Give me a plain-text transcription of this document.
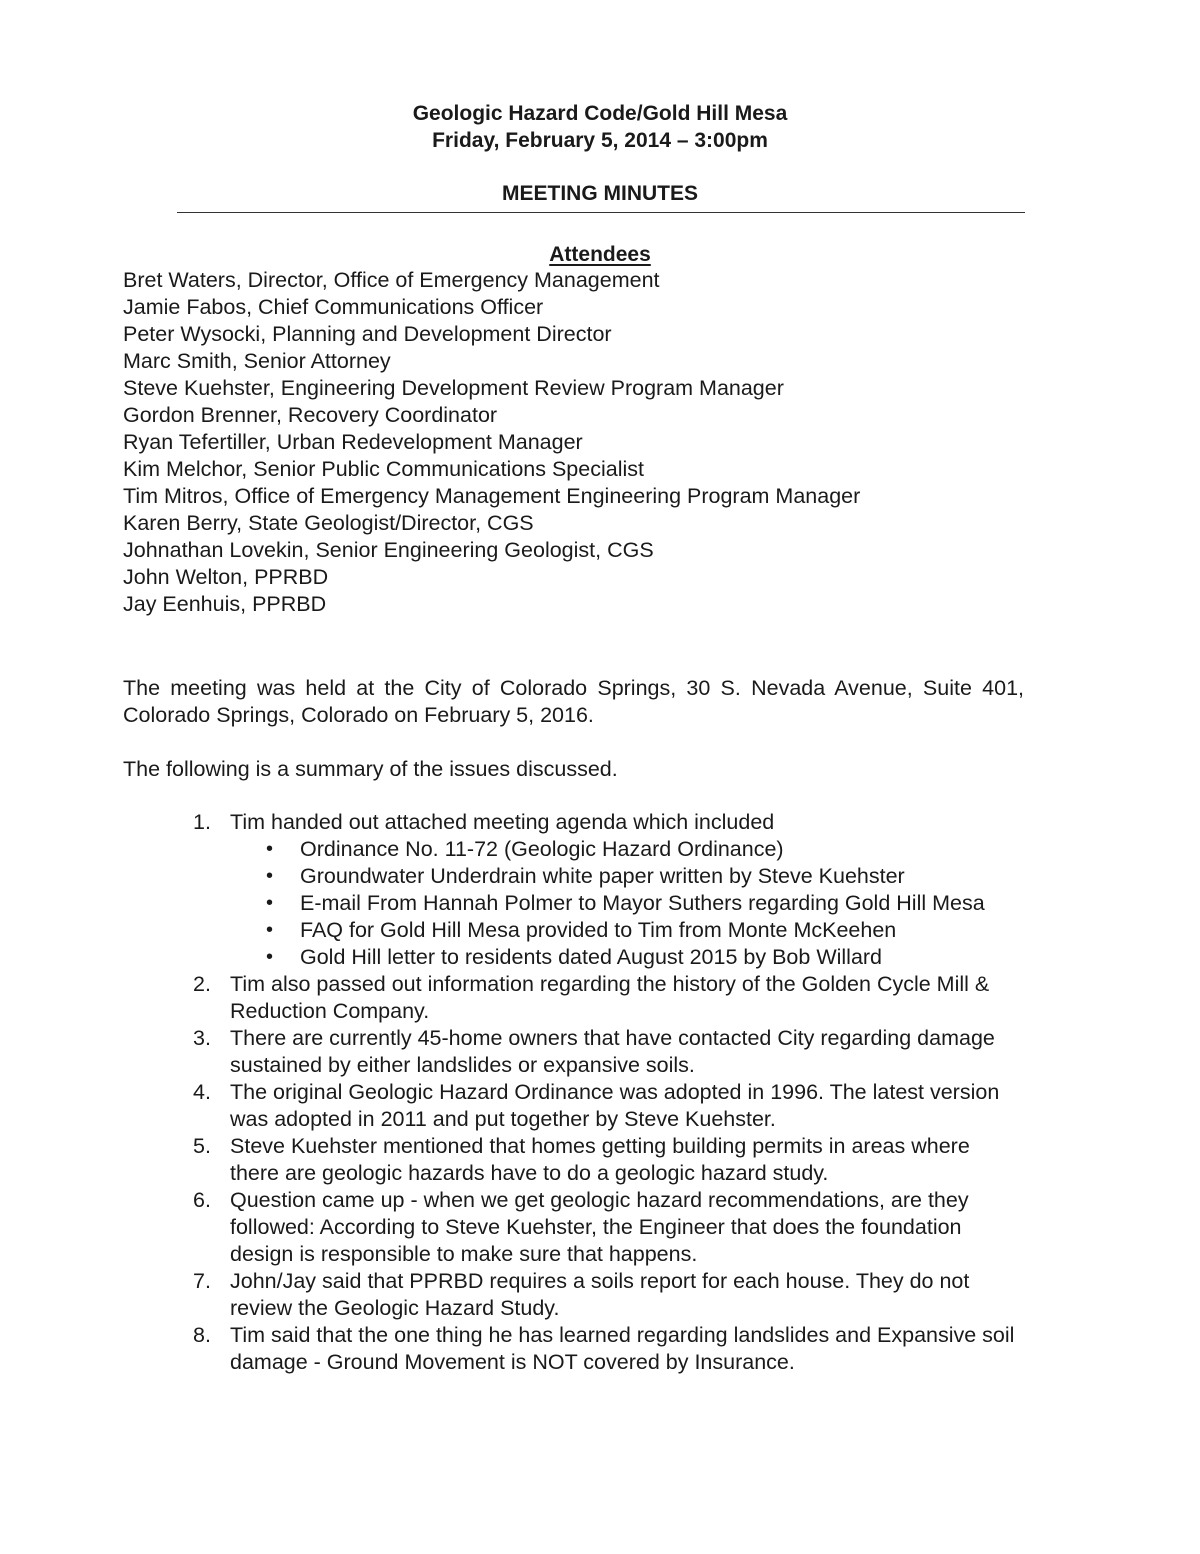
Geologic Hazard Code/Gold Hill Mesa
Friday, February 5, 2014 – 3:00pm
MEETING MINUTES
Attendees
Bret Waters, Director, Office of Emergency Management
Jamie Fabos, Chief Communications Officer
Peter Wysocki, Planning and Development Director
Marc Smith, Senior Attorney
Steve Kuehster, Engineering Development Review Program Manager
Gordon Brenner, Recovery Coordinator
Ryan Tefertiller, Urban Redevelopment Manager
Kim Melchor, Senior Public Communications Specialist
Tim Mitros, Office of Emergency Management Engineering Program Manager
Karen Berry, State Geologist/Director, CGS
Johnathan Lovekin, Senior Engineering Geologist, CGS
John Welton, PPRBD
Jay Eenhuis, PPRBD

The meeting was held at the City of Colorado Springs, 30 S. Nevada Avenue, Suite 401, Colorado Springs, Colorado on February 5, 2016.

The following is a summary of the issues discussed.

1. Tim handed out attached meeting agenda which included
• Ordinance No. 11-72 (Geologic Hazard Ordinance)
• Groundwater Underdrain white paper written by Steve Kuehster
• E-mail From Hannah Polmer to Mayor Suthers regarding Gold Hill Mesa
• FAQ for Gold Hill Mesa provided to Tim from Monte McKeehen
• Gold Hill letter to residents dated August 2015 by Bob Willard
2. Tim also passed out information regarding the history of the Golden Cycle Mill & Reduction Company.
3. There are currently 45-home owners that have contacted City regarding damage sustained by either landslides or expansive soils.
4. The original Geologic Hazard Ordinance was adopted in 1996. The latest version was adopted in 2011 and put together by Steve Kuehster.
5. Steve Kuehster mentioned that homes getting building permits in areas where there are geologic hazards have to do a geologic hazard study.
6. Question came up - when we get geologic hazard recommendations, are they followed: According to Steve Kuehster, the Engineer that does the foundation design is responsible to make sure that happens.
7. John/Jay said that PPRBD requires a soils report for each house. They do not review the Geologic Hazard Study.
8. Tim said that the one thing he has learned regarding landslides and Expansive soil damage - Ground Movement is NOT covered by Insurance.
